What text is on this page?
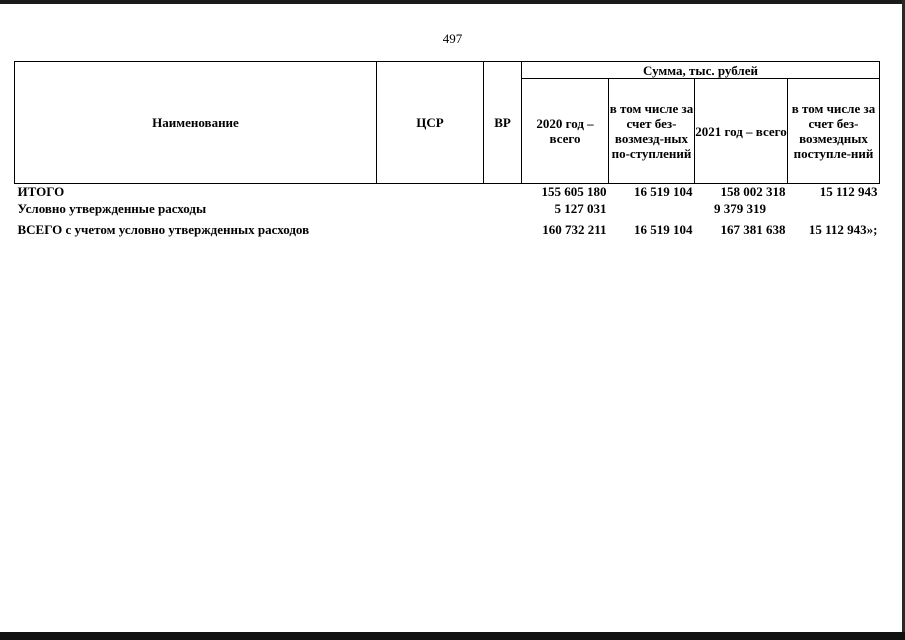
497
Наименование	ЦСР	ВР	Сумма, тыс. рублей			
			2020 год – всего	в том числе за счет без-возмезд-ных по-ступлений	2021 год – всего	в том числе за счет без-возмездных поступле-ний
ИТОГО			155 605 180	16 519 104	158 002 318	15 112 943
Условно утвержденные расходы			5 127 031		9 379 319	
ВСЕГО с учетом условно утвержденных расходов			160 732 211	16 519 104	167 381 638	15 112 943»;
